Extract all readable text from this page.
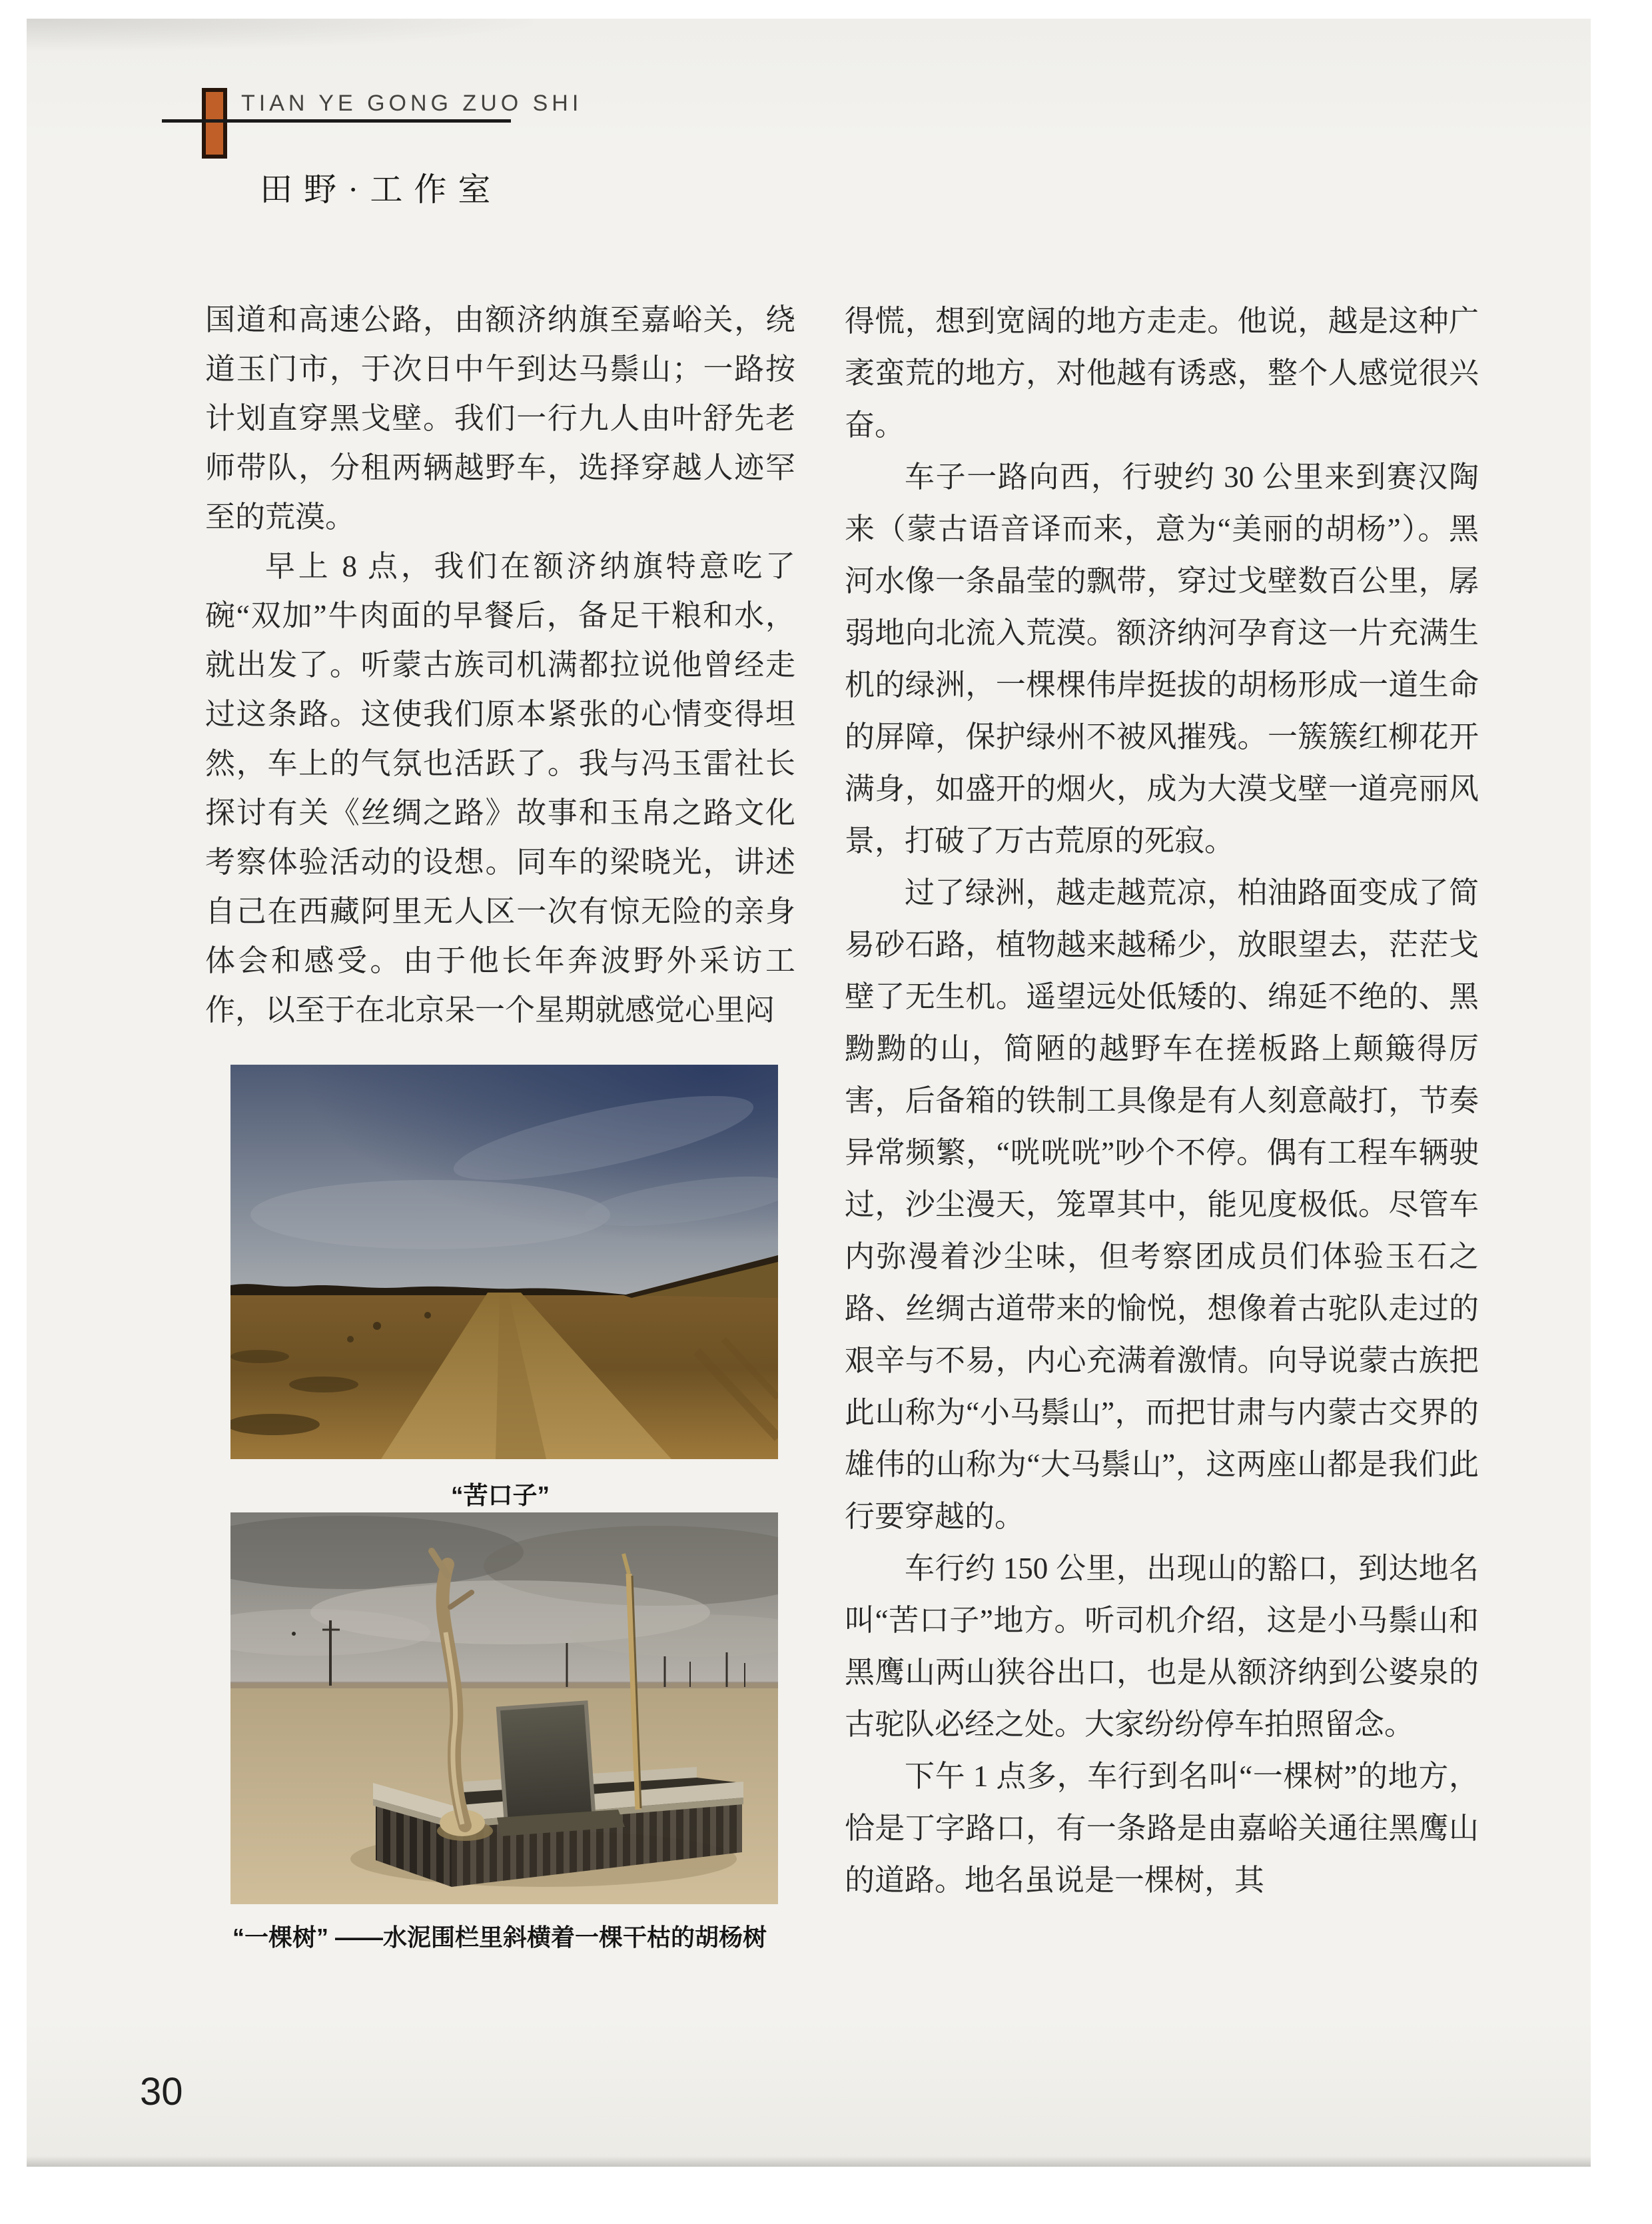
TIAN YE GONG ZUO SHI
田野·工作室

国道和高速公路，由额济纳旗至嘉峪关，绕道玉门市，于次日中午到达马鬃山；一路按计划直穿黑戈壁。我们一行九人由叶舒先老师带队，分租两辆越野车，选择穿越人迹罕至的荒漠。

早上 8 点，我们在额济纳旗特意吃了碗“双加”牛肉面的早餐后，备足干粮和水，就出发了。听蒙古族司机满都拉说他曾经走过这条路。这使我们原本紧张的心情变得坦然，车上的气氛也活跃了。我与冯玉雷社长探讨有关《丝绸之路》故事和玉帛之路文化考察体验活动的设想。同车的梁晓光，讲述自己在西藏阿里无人区一次有惊无险的亲身体会和感受。由于他长年奔波野外采访工作，以至于在北京呆一个星期就感觉心里闷

“苦口子”
“一棵树” ——水泥围栏里斜横着一棵干枯的胡杨树

得慌，想到宽阔的地方走走。他说，越是这种广袤蛮荒的地方，对他越有诱惑，整个人感觉很兴奋。

车子一路向西，行驶约 30 公里来到赛汉陶来（蒙古语音译而来，意为“美丽的胡杨”）。黑河水像一条晶莹的飘带，穿过戈壁数百公里，孱弱地向北流入荒漠。额济纳河孕育这一片充满生机的绿洲，一棵棵伟岸挺拔的胡杨形成一道生命的屏障，保护绿州不被风摧残。一簇簇红柳花开满身，如盛开的烟火，成为大漠戈壁一道亮丽风景，打破了万古荒原的死寂。

过了绿洲，越走越荒凉，柏油路面变成了简易砂石路，植物越来越稀少，放眼望去，茫茫戈壁了无生机。遥望远处低矮的、绵延不绝的、黑黝黝的山，简陋的越野车在搓板路上颠簸得厉害，后备箱的铁制工具像是有人刻意敲打，节奏异常频繁，“咣咣咣”吵个不停。偶有工程车辆驶过，沙尘漫天，笼罩其中，能见度极低。尽管车内弥漫着沙尘味，但考察团成员们体验玉石之路、丝绸古道带来的愉悦，想像着古驼队走过的艰辛与不易，内心充满着激情。向导说蒙古族把此山称为“小马鬃山”，而把甘肃与内蒙古交界的雄伟的山称为“大马鬃山”，这两座山都是我们此行要穿越的。

车行约 150 公里，出现山的豁口，到达地名叫“苦口子”地方。听司机介绍，这是小马鬃山和黑鹰山两山狭谷出口，也是从额济纳到公婆泉的古驼队必经之处。大家纷纷停车拍照留念。

下午 1 点多，车行到名叫“一棵树”的地方，恰是丁字路口，有一条路是由嘉峪关通往黑鹰山的道路。地名虽说是一棵树，其

30
